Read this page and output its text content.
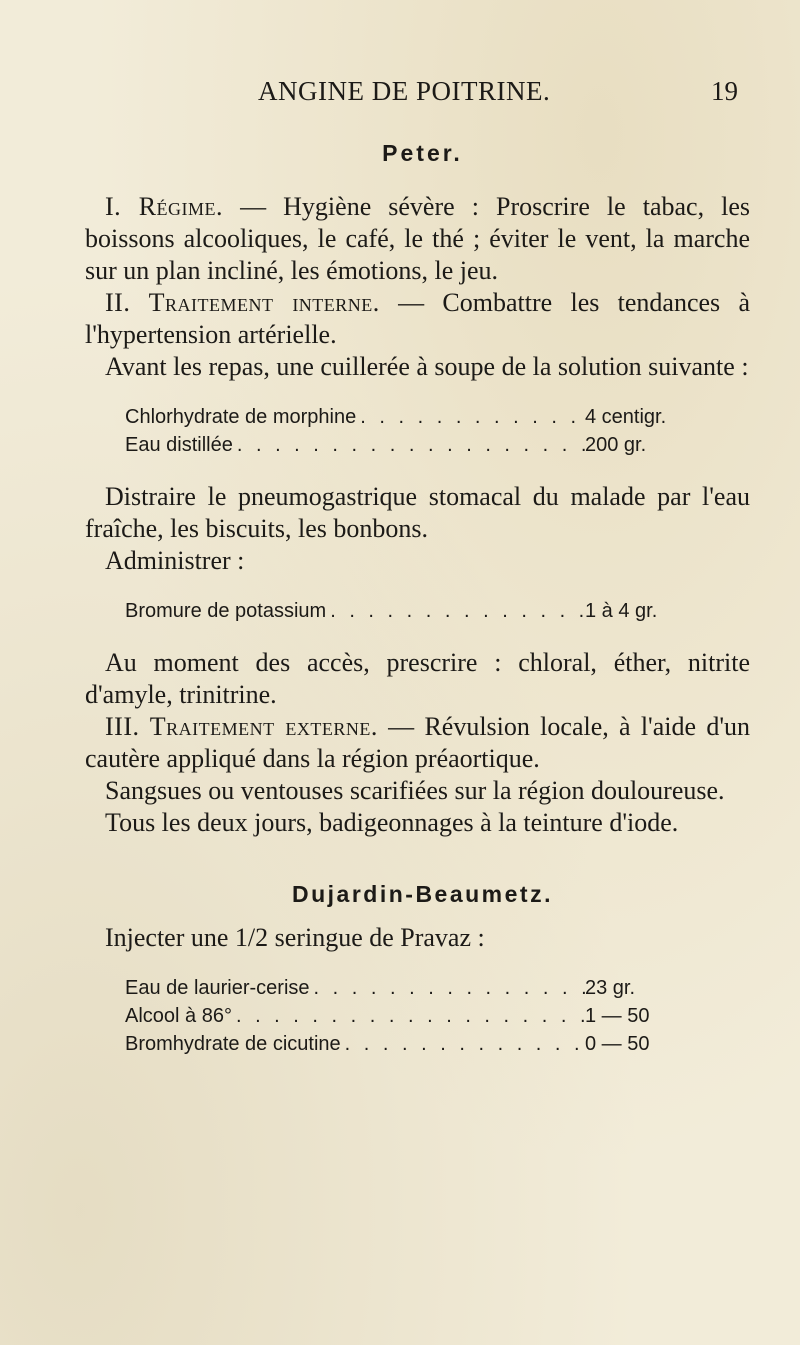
ANGINE DE POITRINE.	19
Peter.

I. Régime. — Hygiène sévère : Proscrire le tabac, les boissons alcooliques, le café, le thé ; éviter le vent, la marche sur un plan incliné, les émotions, le jeu.

II. Traitement interne. — Combattre les tendances à l'hypertension artérielle.

Avant les repas, une cuillerée à soupe de la solution suivante :

Chlorhydrate de morphine . . .	4 centigr.
Eau distillée . . .	200 gr.

Distraire le pneumogastrique stomacal du malade par l'eau fraîche, les biscuits, les bonbons.

Administrer :

Bromure de potassium . . .	1 à 4 gr.

Au moment des accès, prescrire : chloral, éther, nitrite d'amyle, trinitrine.

III. Traitement externe. — Révulsion locale, à l'aide d'un cautère appliqué dans la région préaortique.

Sangsues ou ventouses scarifiées sur la région douloureuse.

Tous les deux jours, badigeonnages à la teinture d'iode.

Dujardin-Beaumetz.

Injecter une 1/2 seringue de Pravaz :

Eau de laurier-cerise . . .	23 gr.
Alcool à 86° . . .	1 — 50
Bromhydrate de cicutine . . .	0 — 50
